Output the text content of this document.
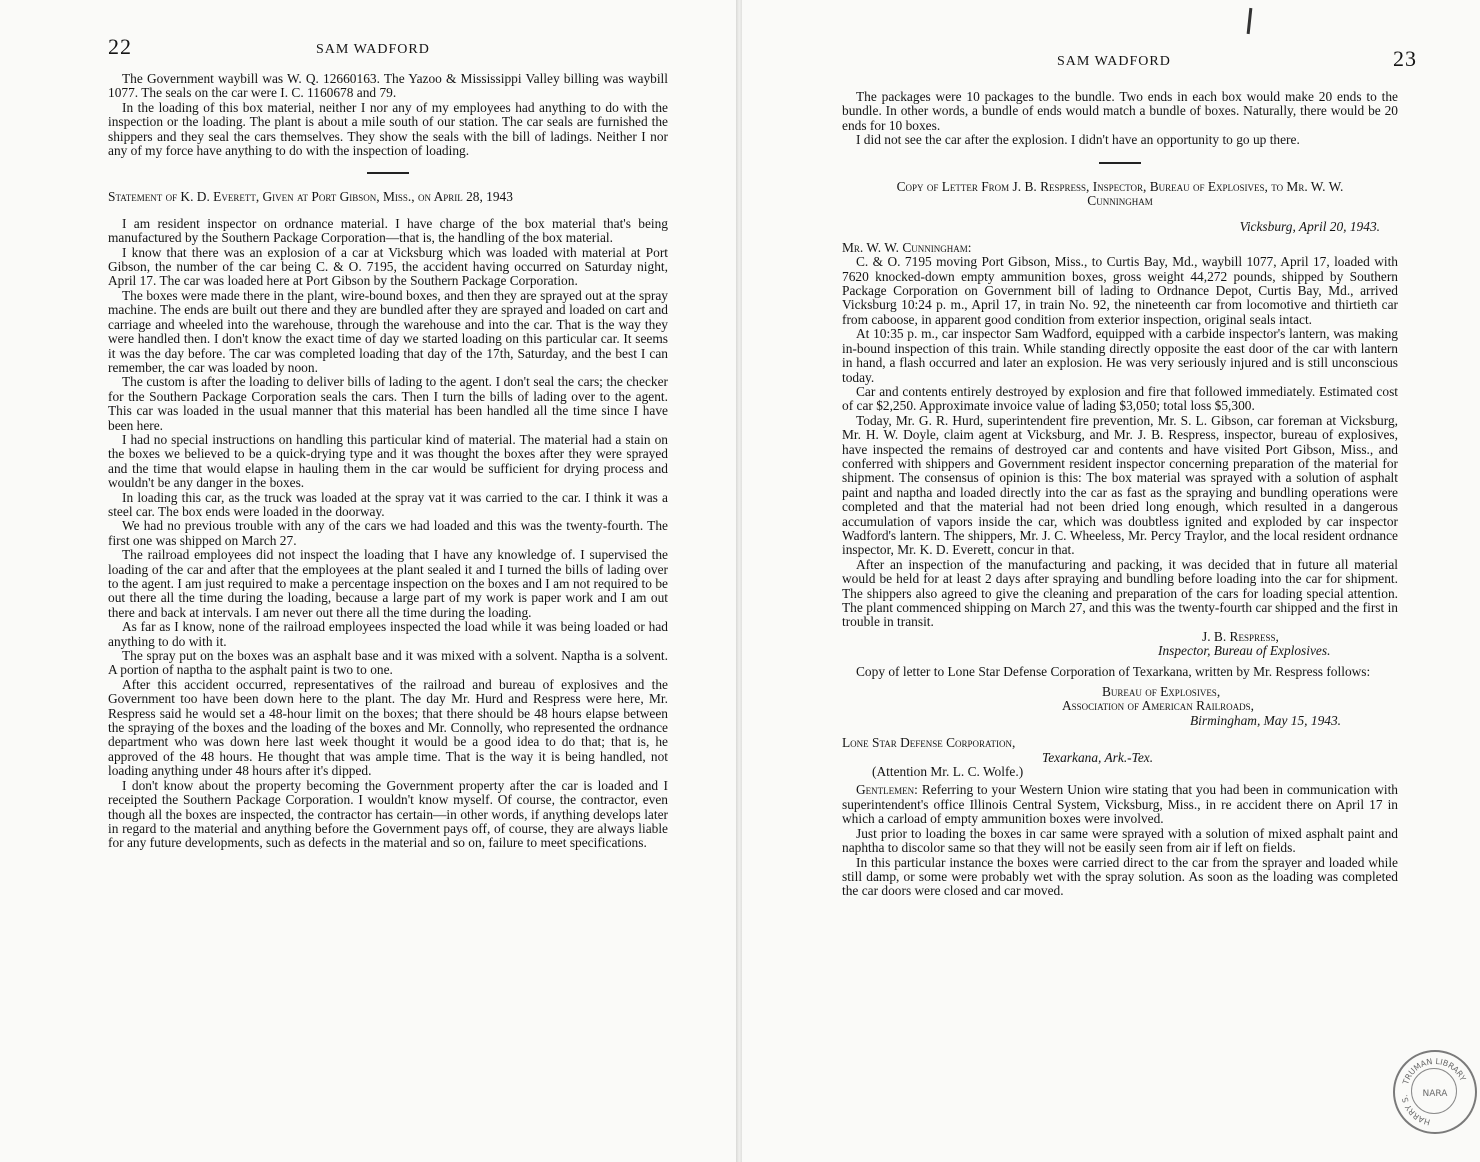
22	SAM WADFORD

The Government waybill was W. Q. 12660163. The Yazoo & Mississippi Valley billing was waybill 1077. The seals on the car were I. C. 1160678 and 79.

In the loading of this box material, neither I nor any of my employees had anything to do with the inspection or the loading. The plant is about a mile south of our station. The car seals are furnished the shippers and they seal the cars themselves. They show the seals with the bill of ladings. Neither I nor any of my force have anything to do with the inspection of loading.

Statement of K. D. Everett, Given at Port Gibson, Miss., on April 28, 1943

I am resident inspector on ordnance material. I have charge of the box material that's being manufactured by the Southern Package Corporation—that is, the handling of the box material.

I know that there was an explosion of a car at Vicksburg which was loaded with material at Port Gibson, the number of the car being C. & O. 7195, the accident having occurred on Saturday night, April 17. The car was loaded here at Port Gibson by the Southern Package Corporation.

The boxes were made there in the plant, wire-bound boxes, and then they are sprayed out at the spray machine. The ends are built out there and they are bundled after they are sprayed and loaded on cart and carriage and wheeled into the warehouse, through the warehouse and into the car. That is the way they were handled then. I don't know the exact time of day we started loading on this particular car. It seems it was the day before. The car was completed loading that day of the 17th, Saturday, and the best I can remember, the car was loaded by noon.

The custom is after the loading to deliver bills of lading to the agent. I don't seal the cars; the checker for the Southern Package Corporation seals the cars. Then I turn the bills of lading over to the agent. This car was loaded in the usual manner that this material has been handled all the time since I have been here.

I had no special instructions on handling this particular kind of material. The material had a stain on the boxes we believed to be a quick-drying type and it was thought the boxes after they were sprayed and the time that would elapse in hauling them in the car would be sufficient for drying process and wouldn't be any danger in the boxes.

In loading this car, as the truck was loaded at the spray vat it was carried to the car. I think it was a steel car. The box ends were loaded in the doorway.

We had no previous trouble with any of the cars we had loaded and this was the twenty-fourth. The first one was shipped on March 27.

The railroad employees did not inspect the loading that I have any knowledge of. I supervised the loading of the car and after that the employees at the plant sealed it and I turned the bills of lading over to the agent. I am just required to make a percentage inspection on the boxes and I am not required to be out there all the time during the loading, because a large part of my work is paper work and I am out there and back at intervals. I am never out there all the time during the loading.

As far as I know, none of the railroad employees inspected the load while it was being loaded or had anything to do with it.

The spray put on the boxes was an asphalt base and it was mixed with a solvent. Naptha is a solvent. A portion of naptha to the asphalt paint is two to one.

After this accident occurred, representatives of the railroad and bureau of explosives and the Government too have been down here to the plant. The day Mr. Hurd and Respress were here, Mr. Respress said he would set a 48-hour limit on the boxes; that there should be 48 hours elapse between the spraying of the boxes and the loading of the boxes and Mr. Connolly, who represented the ordnance department who was down here last week thought it would be a good idea to do that; that is, he approved of the 48 hours. He thought that was ample time. That is the way it is being handled, not loading anything under 48 hours after it's dipped.

I don't know about the property becoming the Government property after the car is loaded and I receipted the Southern Package Corporation. I wouldn't know myself. Of course, the contractor, even though all the boxes are inspected, the contractor has certain—in other words, if anything develops later in regard to the material and anything before the Government pays off, of course, they are always liable for any future developments, such as defects in the material and so on, failure to meet specifications.

SAM WADFORD	23

The packages were 10 packages to the bundle. Two ends in each box would make 20 ends to the bundle. In other words, a bundle of ends would match a bundle of boxes. Naturally, there would be 20 ends for 10 boxes.

I did not see the car after the explosion. I didn't have an opportunity to go up there.

Copy of Letter From J. B. Respress, Inspector, Bureau of Explosives, to Mr. W. W. Cunningham

Vicksburg, April 20, 1943.

Mr. W. W. Cunningham:

C. & O. 7195 moving Port Gibson, Miss., to Curtis Bay, Md., waybill 1077, April 17, loaded with 7620 knocked-down empty ammunition boxes, gross weight 44,272 pounds, shipped by Southern Package Corporation on Government bill of lading to Ordnance Depot, Curtis Bay, Md., arrived Vicksburg 10:24 p. m., April 17, in train No. 92, the nineteenth car from locomotive and thirtieth car from caboose, in apparent good condition from exterior inspection, original seals intact.

At 10:35 p. m., car inspector Sam Wadford, equipped with a carbide inspector's lantern, was making in-bound inspection of this train. While standing directly opposite the east door of the car with lantern in hand, a flash occurred and later an explosion. He was very seriously injured and is still unconscious today.

Car and contents entirely destroyed by explosion and fire that followed immediately. Estimated cost of car $2,250. Approximate invoice value of lading $3,050; total loss $5,300.

Today, Mr. G. R. Hurd, superintendent fire prevention, Mr. S. L. Gibson, car foreman at Vicksburg, Mr. H. W. Doyle, claim agent at Vicksburg, and Mr. J. B. Respress, inspector, bureau of explosives, have inspected the remains of destroyed car and contents and have visited Port Gibson, Miss., and conferred with shippers and Government resident inspector concerning preparation of the material for shipment. The consensus of opinion is this: The box material was sprayed with a solution of asphalt paint and naptha and loaded directly into the car as fast as the spraying and bundling operations were completed and that the material had not been dried long enough, which resulted in a dangerous accumulation of vapors inside the car, which was doubtless ignited and exploded by car inspector Wadford's lantern. The shippers, Mr. J. C. Wheeless, Mr. Percy Traylor, and the local resident ordnance inspector, Mr. K. D. Everett, concur in that.

After an inspection of the manufacturing and packing, it was decided that in future all material would be held for at least 2 days after spraying and bundling before loading into the car for shipment. The shippers also agreed to give the cleaning and preparation of the cars for loading special attention. The plant commenced shipping on March 27, and this was the twenty-fourth car shipped and the first in trouble in transit.

J. B. Respress,

Inspector, Bureau of Explosives.

Copy of letter to Lone Star Defense Corporation of Texarkana, written by Mr. Respress follows:

Bureau of Explosives,

Association of American Railroads,

Birmingham, May 15, 1943.

Lone Star Defense Corporation,

Texarkana, Ark.-Tex.

(Attention Mr. L. C. Wolfe.)

Gentlemen: Referring to your Western Union wire stating that you had been in communication with superintendent's office Illinois Central System, Vicksburg, Miss., in re accident there on April 17 in which a carload of empty ammunition boxes were involved.

Just prior to loading the boxes in car same were sprayed with a solution of mixed asphalt paint and naphtha to discolor same so that they will not be easily seen from air if left on fields.

In this particular instance the boxes were carried direct to the car from the sprayer and loaded while still damp, or some were probably wet with the spray solution. As soon as the loading was completed the car doors were closed and car moved.

TRUMAN LIBRARY
HARRY S.	NARA
